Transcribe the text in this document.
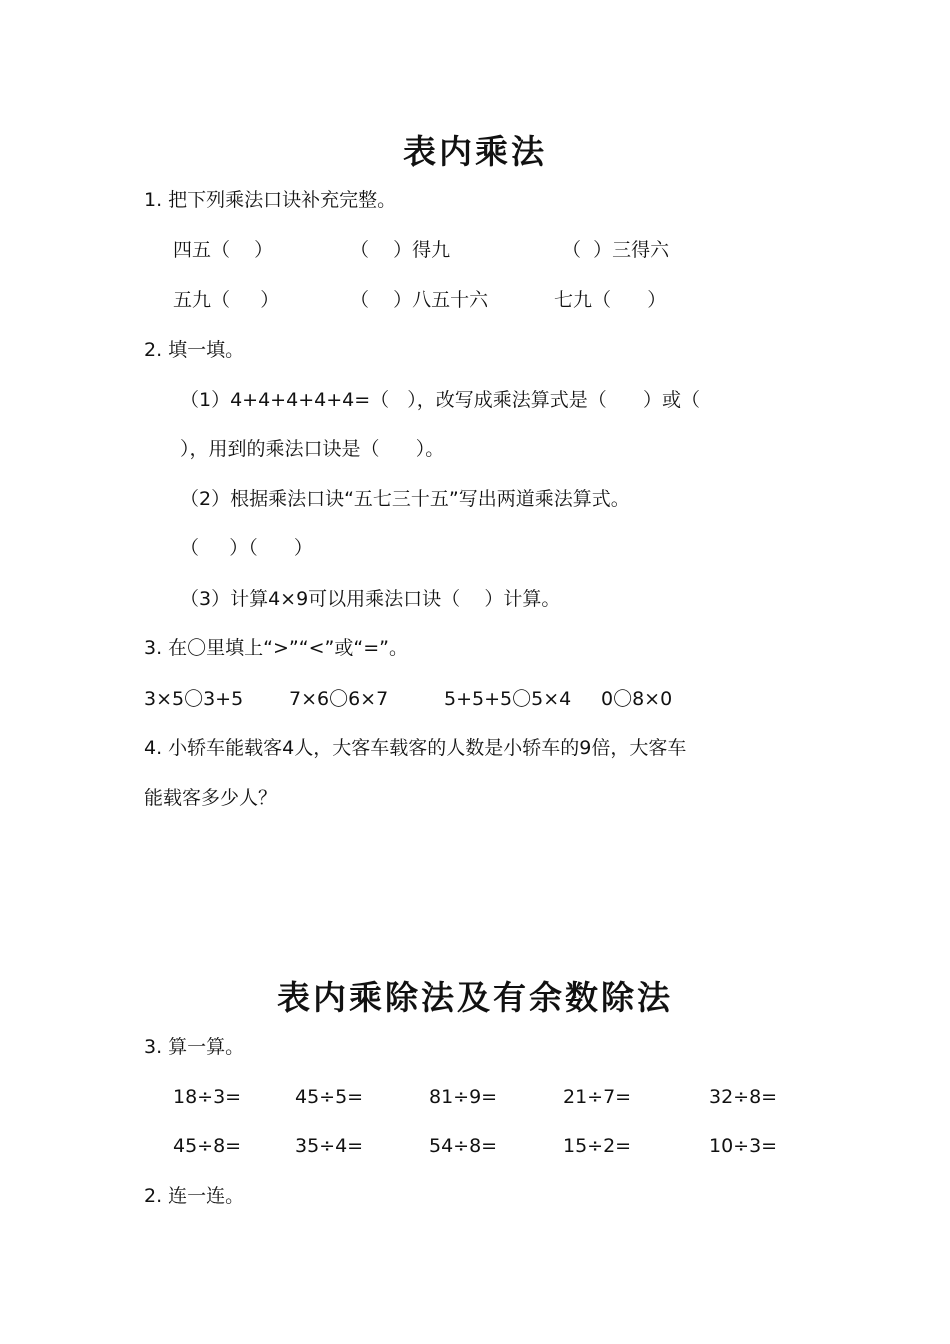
表内乘法
1. 把下列乘法口诀补充完整。
四五（    ）	（    ）得九	（  ）三得六
五九（     ）	（    ）八五十六	七九（      ）
2. 填一填。
（1）4+4+4+4+4=（   ），改写成乘法算式是（      ）或（
），用到的乘法口诀是（      ）。
（2）根据乘法口诀“五七三十五”写出两道乘法算式。
（     ）（      ）
（3）计算4×9可以用乘法口诀（    ）计算。
3. 在〇里填上“>”“<”或“=”。
3×5〇3+5 7×6〇6×7	5+5+5〇5×4 0〇8×0
4. 小轿车能载客4人，大客车载客的人数是小轿车的9倍，大客车
能载客多少人？
表内乘除法及有余数除法
3. 算一算。
18÷3=	45÷5=	81÷9=	21÷7=	32÷8=
45÷8=	35÷4=	54÷8=	15÷2=	10÷3=
2. 连一连。
